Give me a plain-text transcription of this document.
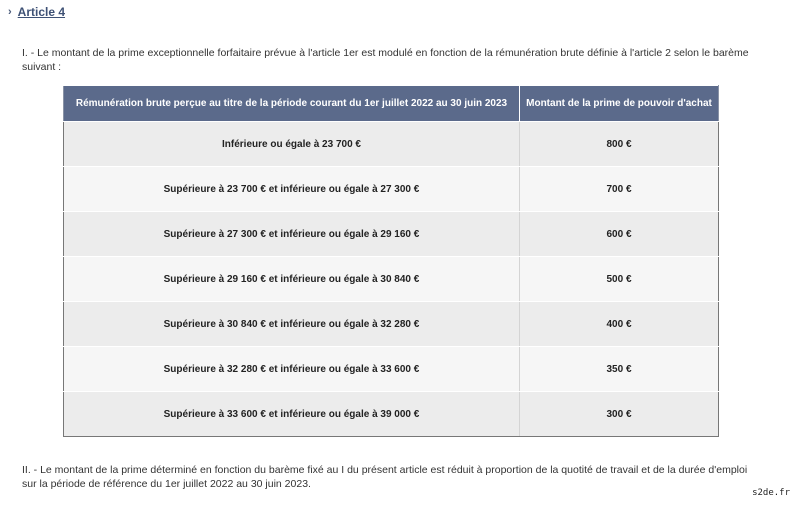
› Article 4
I. - Le montant de la prime exceptionnelle forfaitaire prévue à l'article 1er est modulé en fonction de la rémunération brute définie à l'article 2 selon le barème suivant :
Rémunération brute perçue au titre de la période courant du 1er juillet 2022 au 30 juin 2023	Montant de la prime de pouvoir d'achat
Inférieure ou égale à 23 700 €	800 €
Supérieure à 23 700 € et inférieure ou égale à 27 300 €	700 €
Supérieure à 27 300 € et inférieure ou égale à 29 160 €	600 €
Supérieure à 29 160 € et inférieure ou égale à 30 840 €	500 €
Supérieure à 30 840 € et inférieure ou égale à 32 280 €	400 €
Supérieure à 32 280 € et inférieure ou égale à 33 600 €	350 €
Supérieure à 33 600 € et inférieure ou égale à 39 000 €	300 €
II. - Le montant de la prime déterminé en fonction du barème fixé au I du présent article est réduit à proportion de la quotité de travail et de la durée d'emploi sur la période de référence du 1er juillet 2022 au 30 juin 2023.
s2de.fr
